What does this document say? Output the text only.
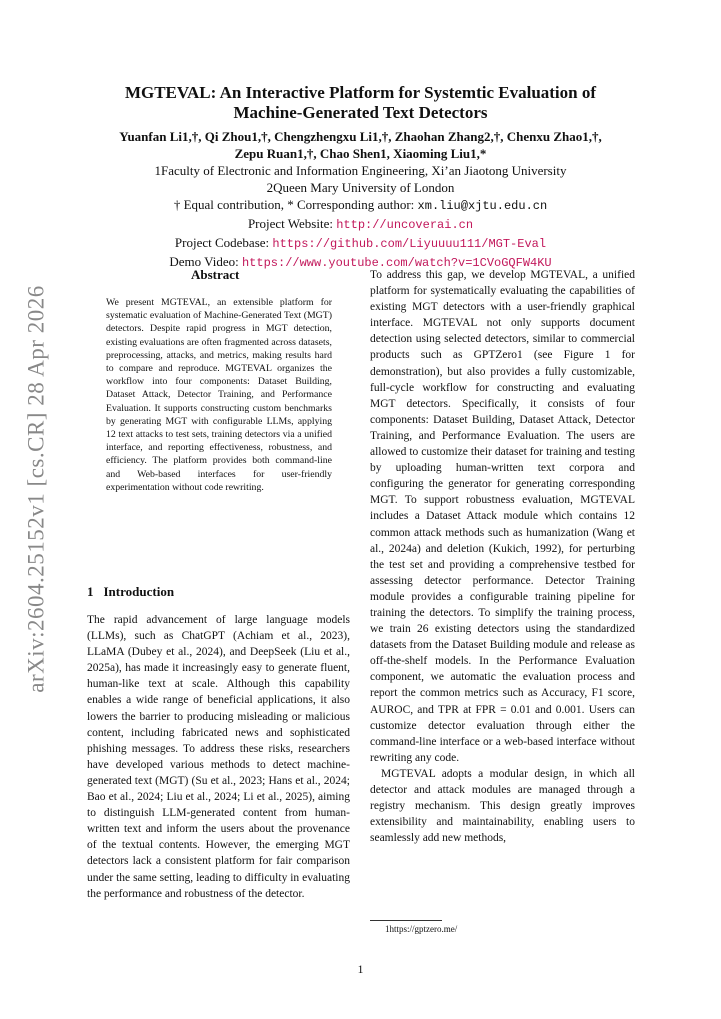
arXiv:2604.25152v1 [cs.CR] 28 Apr 2026
MGTEVAL: An Interactive Platform for Systemtic Evaluation of
Machine-Generated Text Detectors
Yuanfan Li1,†, Qi Zhou1,†, Chengzhengxu Li1,†, Zhaohan Zhang2,†, Chenxu Zhao1,†,
Zepu Ruan1,†, Chao Shen1, Xiaoming Liu1,*
1Faculty of Electronic and Information Engineering, Xi’an Jiaotong University
2Queen Mary University of London
† Equal contribution, * Corresponding author: xm.liu@xjtu.edu.cn
Project Website: http://uncoverai.cn
Project Codebase: https://github.com/Liyuuuu111/MGT-Eval
Demo Video: https://www.youtube.com/watch?v=1CVoGQFW4KU
Abstract
We present MGTEVAL, an extensible platform for systematic evaluation of Machine-Generated Text (MGT) detectors. Despite rapid progress in MGT detection, existing evaluations are often fragmented across datasets, preprocessing, attacks, and metrics, making results hard to compare and reproduce. MGTEVAL organizes the workflow into four components: Dataset Building, Dataset Attack, Detector Training, and Performance Evaluation. It supports constructing custom benchmarks by generating MGT with configurable LLMs, applying 12 text attacks to test sets, training detectors via a unified interface, and reporting effectiveness, robustness, and efficiency. The platform provides both command-line and Web-based interfaces for user-friendly experimentation without code rewriting.
1 Introduction
The rapid advancement of large language models (LLMs), such as ChatGPT (Achiam et al., 2023), LLaMA (Dubey et al., 2024), and DeepSeek (Liu et al., 2025a), has made it increasingly easy to generate fluent, human-like text at scale. Although this capability enables a wide range of beneficial applications, it also lowers the barrier to producing misleading or malicious content, including fabricated news and sophisticated phishing messages. To address these risks, researchers have developed various methods to detect machine-generated text (MGT) (Su et al., 2023; Hans et al., 2024; Bao et al., 2024; Liu et al., 2024; Li et al., 2025), aiming to distinguish LLM-generated content from human-written text and inform the users about the provenance of the textual contents. However, the emerging MGT detectors lack a consistent platform for fair comparison under the same setting, leading to difficulty in evaluating the performance and robustness of the detector.

To address this gap, we develop MGTEVAL, a unified platform for systematically evaluating the capabilities of existing MGT detectors with a user-friendly graphical interface. MGTEVAL not only supports document detection using selected detectors, similar to commercial products such as GPTZero1 (see Figure 1 for demonstration), but also provides a fully customizable, full-cycle workflow for constructing and evaluating MGT detectors. Specifically, it consists of four components: Dataset Building, Dataset Attack, Detector Training, and Performance Evaluation. The users are allowed to customize their dataset for training and testing by uploading human-written text corpora and configuring the generator for generating corresponding MGT. To support robustness evaluation, MGTEVAL includes a Dataset Attack module which contains 12 common attack methods such as humanization (Wang et al., 2024a) and deletion (Kukich, 1992), for perturbing the test set and providing a comprehensive testbed for assessing detector performance. Detector Training module provides a configurable training pipeline for training the detectors. To simplify the training process, we train 26 existing detectors using the standardized datasets from the Dataset Building module and release as off-the-shelf models. In the Performance Evaluation component, we automatic the evaluation process and report the common metrics such as Accuracy, F1 score, AUROC, and TPR at FPR = 0.01 and 0.001. Users can customize detector evaluation through either the command-line interface or a web-based interface without rewriting any code.

MGTEVAL adopts a modular design, in which all detector and attack modules are managed through a registry mechanism. This design greatly improves extensibility and maintainability, enabling users to seamlessly add new methods,

1https://gptzero.me/
1
